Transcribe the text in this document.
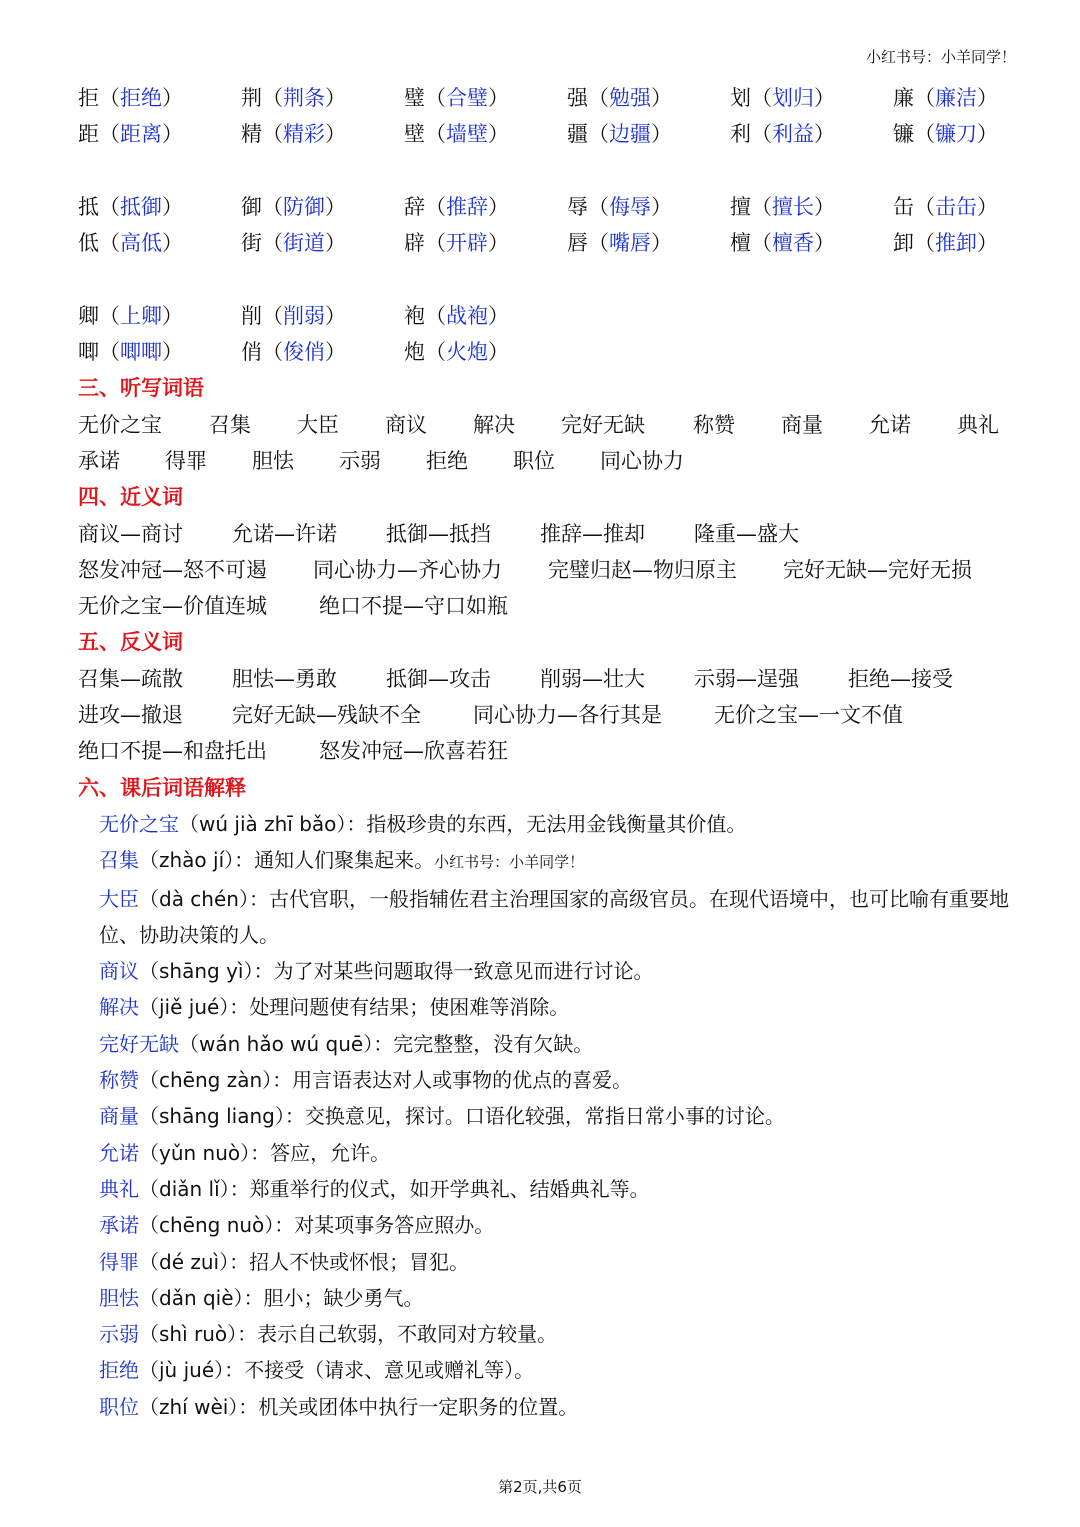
小红书号：小羊同学！
拒（拒绝）	荆（荆条）	璧（合璧）	强（勉强）	划（划归）	廉（廉洁）
距（距离）	精（精彩）	壁（墙壁）	疆（边疆）	利（利益）	镰（镰刀）
抵（抵御）	御（防御）	辞（推辞）	辱（侮辱）	擅（擅长）	缶（击缶）
低（高低）	街（街道）	辟（开辟）	唇（嘴唇）	檀（檀香）	卸（推卸）
卿（上卿）	削（削弱）	袍（战袍）
唧（唧唧）	俏（俊俏）	炮（火炮）
三、听写词语
无价之宝	召集	大臣	商议	解决	完好无缺	称赞	商量	允诺	典礼
承诺	得罪	胆怯	示弱	拒绝	职位	同心协力
四、近义词
商议—商讨	允诺—许诺	抵御—抵挡	推辞—推却	隆重—盛大
怒发冲冠—怒不可遏	同心协力—齐心协力	完璧归赵—物归原主	完好无缺—完好无损
无价之宝—价值连城	绝口不提—守口如瓶
五、反义词
召集—疏散	胆怯—勇敢	抵御—攻击	削弱—壮大	示弱—逞强	拒绝—接受
进攻—撤退	完好无缺—残缺不全	同心协力—各行其是	无价之宝—一文不值
绝口不提—和盘托出	怒发冲冠—欣喜若狂
六、课后词语解释
无价之宝（wú jià zhī bǎo）：指极珍贵的东西，无法用金钱衡量其价值。
召集（zhào jí）：通知人们聚集起来。小红书号：小羊同学！
大臣（dà chén）：古代官职，一般指辅佐君主治理国家的高级官员。在现代语境中，也可比喻有重要地位、协助决策的人。
商议（shāng yì）：为了对某些问题取得一致意见而进行讨论。
解决（jiě jué）：处理问题使有结果；使困难等消除。
完好无缺（wán hǎo wú quē）：完完整整，没有欠缺。
称赞（chēng zàn）：用言语表达对人或事物的优点的喜爱。
商量（shāng liang）：交换意见，探讨。口语化较强，常指日常小事的讨论。
允诺（yǔn nuò）：答应，允许。
典礼（diǎn lǐ）：郑重举行的仪式，如开学典礼、结婚典礼等。
承诺（chēng nuò）：对某项事务答应照办。
得罪（dé zuì）：招人不快或怀恨；冒犯。
胆怯（dǎn qiè）：胆小；缺少勇气。
示弱（shì ruò）：表示自己软弱，不敢同对方较量。
拒绝（jù jué）：不接受（请求、意见或赠礼等）。
职位（zhí wèi）：机关或团体中执行一定职务的位置。
第2页,共6页
